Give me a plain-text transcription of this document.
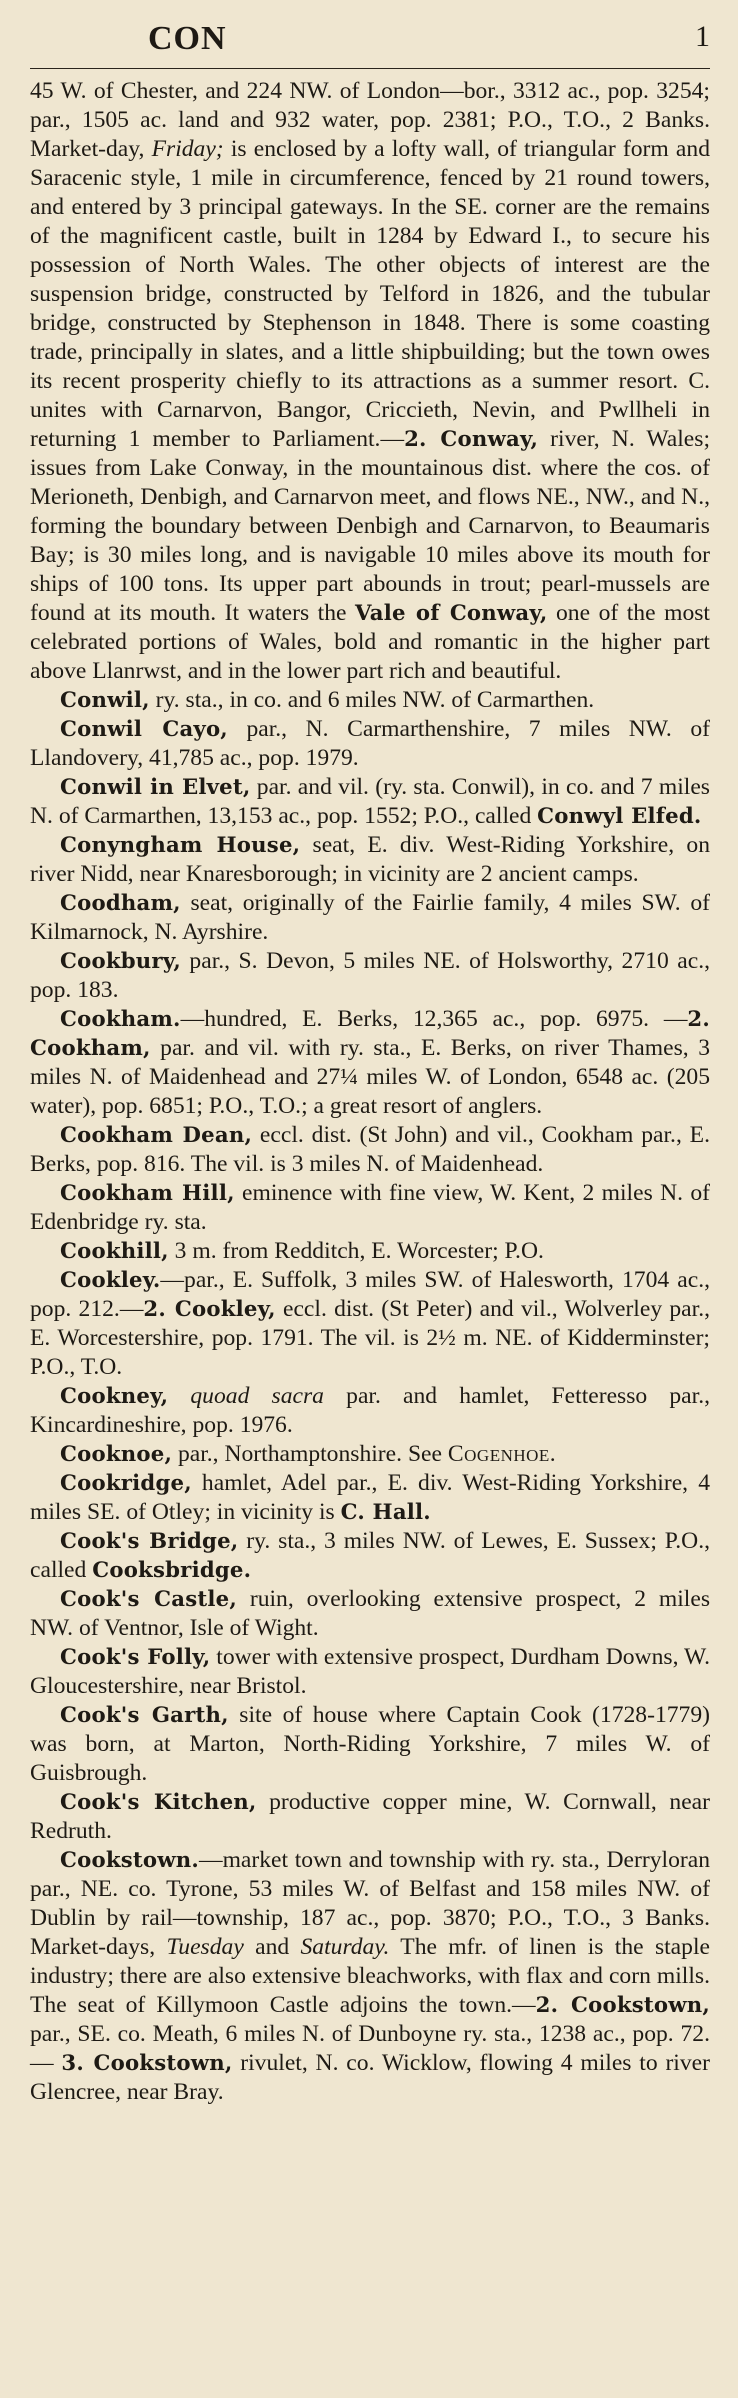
CON	1

45 W. of Chester, and 224 NW. of London—bor., 3312 ac., pop. 3254; par., 1505 ac. land and 932 water, pop. 2381; P.O., T.O., 2 Banks. Market-day, Friday; is enclosed by a lofty wall, of triangular form and Saracenic style, 1 mile in circumference, fenced by 21 round towers, and entered by 3 principal gateways. In the SE. corner are the remains of the magnificent castle, built in 1284 by Edward I., to secure his possession of North Wales. The other objects of interest are the suspension bridge, constructed by Telford in 1826, and the tubular bridge, constructed by Stephenson in 1848. There is some coasting trade, principally in slates, and a little shipbuilding; but the town owes its recent prosperity chiefly to its attractions as a summer resort. C. unites with Carnarvon, Bangor, Criccieth, Nevin, and Pwllheli in returning 1 member to Parliament.—2. Conway, river, N. Wales; issues from Lake Conway, in the mountainous dist. where the cos. of Merioneth, Denbigh, and Carnarvon meet, and flows NE., NW., and N., forming the boundary between Denbigh and Carnarvon, to Beaumaris Bay; is 30 miles long, and is navigable 10 miles above its mouth for ships of 100 tons. Its upper part abounds in trout; pearl-mussels are found at its mouth. It waters the Vale of Conway, one of the most celebrated portions of Wales, bold and romantic in the higher part above Llanrwst, and in the lower part rich and beautiful.

Conwil, ry. sta., in co. and 6 miles NW. of Carmarthen.

Conwil Cayo, par., N. Carmarthenshire, 7 miles NW. of Llandovery, 41,785 ac., pop. 1979.

Conwil in Elvet, par. and vil. (ry. sta. Conwil), in co. and 7 miles N. of Carmarthen, 13,153 ac., pop. 1552; P.O., called Conwyl Elfed.

Conyngham House, seat, E. div. West-Riding Yorkshire, on river Nidd, near Knaresborough; in vicinity are 2 ancient camps.

Coodham, seat, originally of the Fairlie family, 4 miles SW. of Kilmarnock, N. Ayrshire.

Cookbury, par., S. Devon, 5 miles NE. of Holsworthy, 2710 ac., pop. 183.

Cookham.—hundred, E. Berks, 12,365 ac., pop. 6975. —2. Cookham, par. and vil. with ry. sta., E. Berks, on river Thames, 3 miles N. of Maidenhead and 27¼ miles W. of London, 6548 ac. (205 water), pop. 6851; P.O., T.O.; a great resort of anglers.

Cookham Dean, eccl. dist. (St John) and vil., Cookham par., E. Berks, pop. 816. The vil. is 3 miles N. of Maidenhead.

Cookham Hill, eminence with fine view, W. Kent, 2 miles N. of Edenbridge ry. sta.

Cookhill, 3 m. from Redditch, E. Worcester; P.O.

Cookley.—par., E. Suffolk, 3 miles SW. of Halesworth, 1704 ac., pop. 212.—2. Cookley, eccl. dist. (St Peter) and vil., Wolverley par., E. Worcestershire, pop. 1791. The vil. is 2½ m. NE. of Kidderminster; P.O., T.O.

Cookney, quoad sacra par. and hamlet, Fetteresso par., Kincardineshire, pop. 1976.

Cooknoe, par., Northamptonshire. See Cogenhoe.

Cookridge, hamlet, Adel par., E. div. West-Riding Yorkshire, 4 miles SE. of Otley; in vicinity is C. Hall.

Cook's Bridge, ry. sta., 3 miles NW. of Lewes, E. Sussex; P.O., called Cooksbridge.

Cook's Castle, ruin, overlooking extensive prospect, 2 miles NW. of Ventnor, Isle of Wight.

Cook's Folly, tower with extensive prospect, Durdham Downs, W. Gloucestershire, near Bristol.

Cook's Garth, site of house where Captain Cook (1728-1779) was born, at Marton, North-Riding Yorkshire, 7 miles W. of Guisbrough.

Cook's Kitchen, productive copper mine, W. Cornwall, near Redruth.

Cookstown.—market town and township with ry. sta., Derryloran par., NE. co. Tyrone, 53 miles W. of Belfast and 158 miles NW. of Dublin by rail—township, 187 ac., pop. 3870; P.O., T.O., 3 Banks. Market-days, Tuesday and Saturday. The mfr. of linen is the staple industry; there are also extensive bleachworks, with flax and corn mills. The seat of Killymoon Castle adjoins the town.—2. Cookstown, par., SE. co. Meath, 6 miles N. of Dunboyne ry. sta., 1238 ac., pop. 72.— 3. Cookstown, rivulet, N. co. Wicklow, flowing 4 miles to river Glencree, near Bray.
